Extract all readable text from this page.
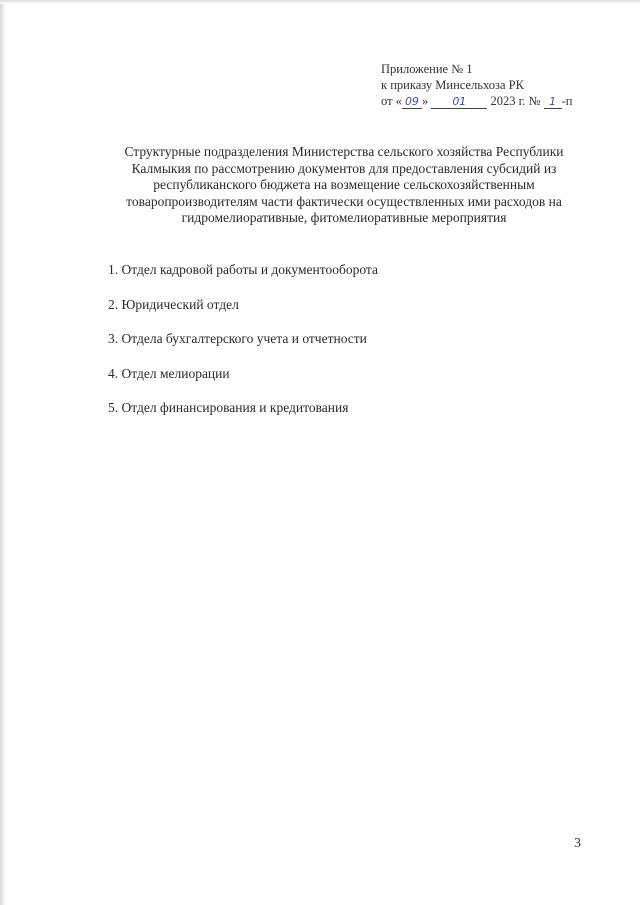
Приложение № 1
к приказу Минсельхоза РК
от « 09 » 01 2023 г. № 1 -п
Структурные подразделения Министерства сельского хозяйства Республики
Калмыкия по рассмотрению документов для предоставления субсидий из
республиканского бюджета на возмещение сельскохозяйственным
товаропроизводителям части фактически осуществленных ими расходов на
гидромелиоративные, фитомелиоративные мероприятия
1. Отдел кадровой работы и документооборота
2. Юридический отдел
3. Отдела бухгалтерского учета и отчетности
4. Отдел мелиорации
5. Отдел финансирования и кредитования
3
